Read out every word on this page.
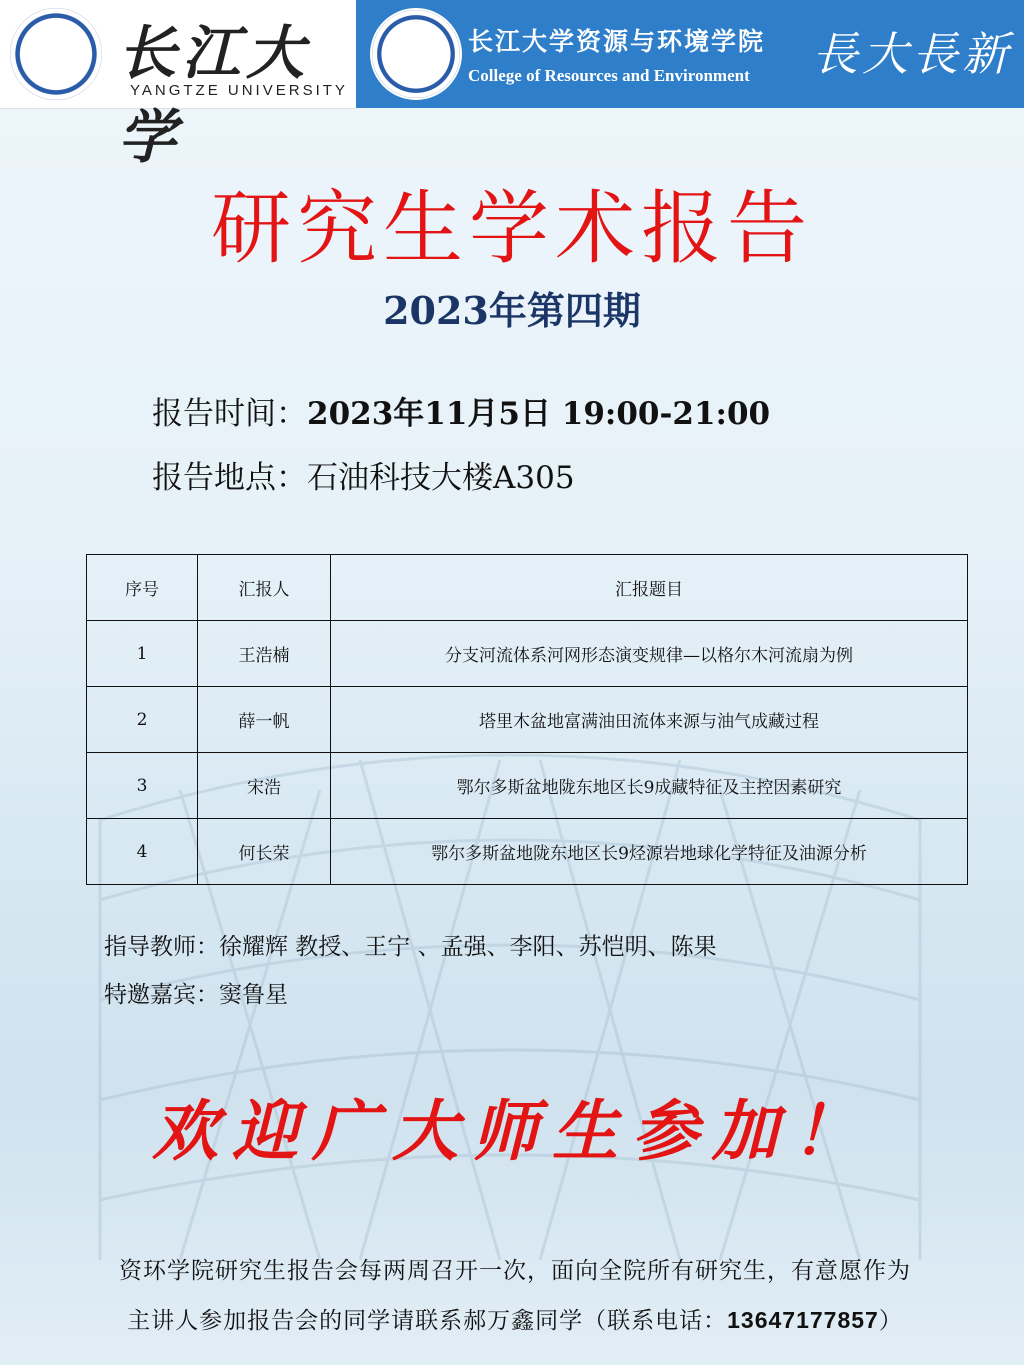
长江大学
YANGTZE UNIVERSITY
长江大学资源与环境学院
College of Resources and Environment 長大長新
研究生学术报告
2023年第四期
报告时间：2023年11月5日 19:00-21:00
报告地点：石油科技大楼A305
序号	汇报人	汇报题目
1	王浩楠	分支河流体系河网形态演变规律—以格尔木河流扇为例
2	薛一帆	塔里木盆地富满油田流体来源与油气成藏过程
3	宋浩	鄂尔多斯盆地陇东地区长9成藏特征及主控因素研究
4	何长荣	鄂尔多斯盆地陇东地区长9烃源岩地球化学特征及油源分析
指导教师：徐耀辉 教授、王宁 、孟强、李阳、苏恺明、陈果
特邀嘉宾：窦鲁星
欢迎广大师生参加！
资环学院研究生报告会每两周召开一次，面向全院所有研究生，有意愿作为
主讲人参加报告会的同学请联系郝万鑫同学（联系电话：13647177857）
